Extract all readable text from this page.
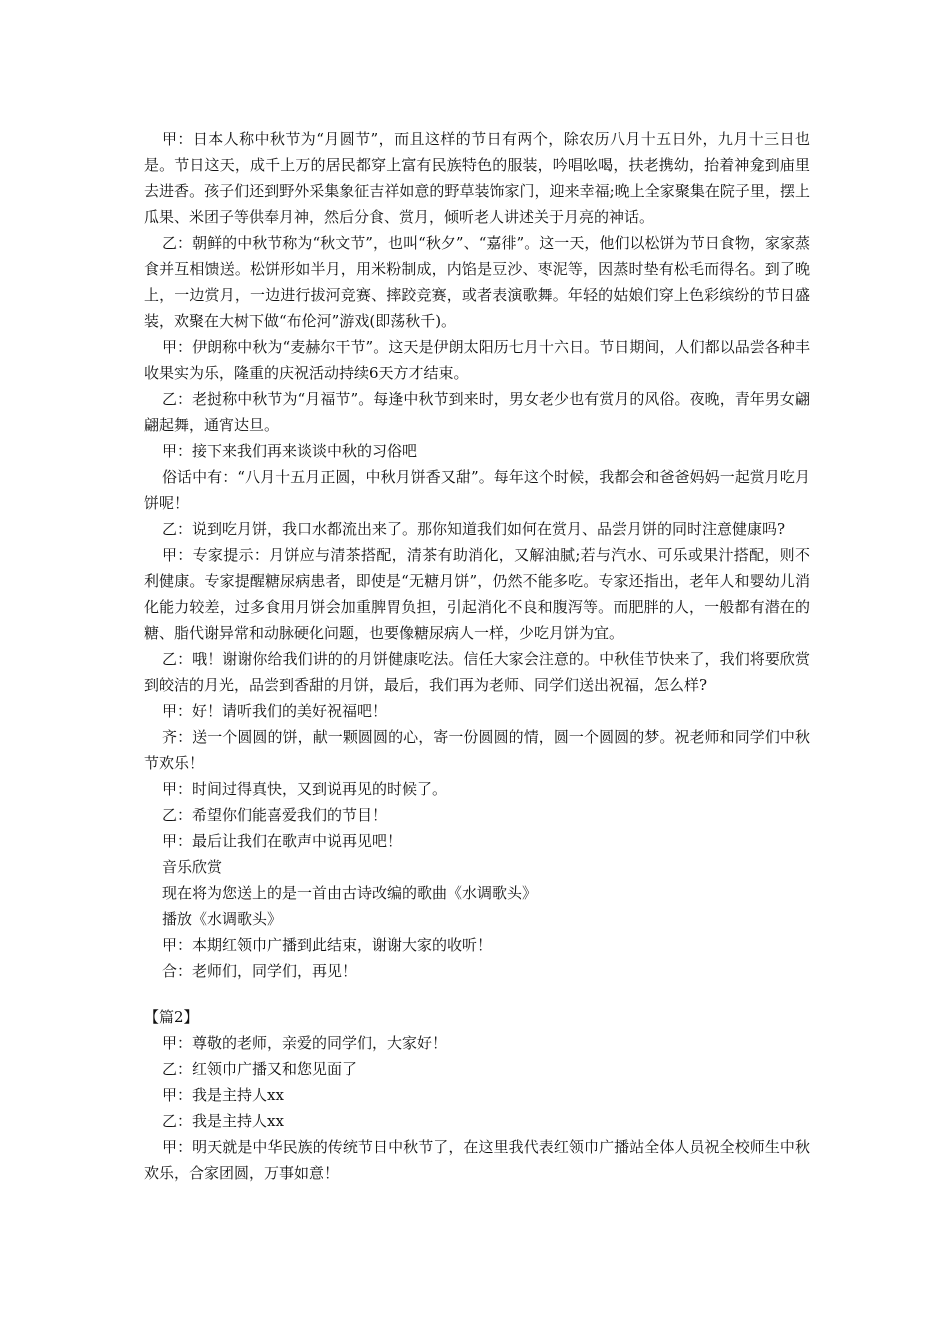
甲：日本人称中秋节为“月圆节”，而且这样的节日有两个，除农历八月十五日外，九月十三日也是。节日这天，成千上万的居民都穿上富有民族特色的服装，吟唱吆喝，扶老携幼，抬着神龛到庙里去进香。孩子们还到野外采集象征吉祥如意的野草装饰家门，迎来幸福;晚上全家聚集在院子里，摆上瓜果、米团子等供奉月神，然后分食、赏月，倾听老人讲述关于月亮的神话。

乙：朝鲜的中秋节称为“秋文节”，也叫“秋夕”、“嘉徘”。这一天，他们以松饼为节日食物，家家蒸食并互相馈送。松饼形如半月，用米粉制成，内馅是豆沙、枣泥等，因蒸时垫有松毛而得名。到了晚上，一边赏月，一边进行拔河竞赛、摔跤竞赛，或者表演歌舞。年轻的姑娘们穿上色彩缤纷的节日盛装，欢聚在大树下做“布伦河”游戏(即荡秋千)。

甲：伊朗称中秋为“麦赫尔干节”。这天是伊朗太阳历七月十六日。节日期间，人们都以品尝各种丰收果实为乐，隆重的庆祝活动持续6天方才结束。

乙：老挝称中秋节为“月福节”。每逢中秋节到来时，男女老少也有赏月的风俗。夜晚，青年男女翩翩起舞，通宵达旦。

甲：接下来我们再来谈谈中秋的习俗吧

俗话中有：“八月十五月正圆，中秋月饼香又甜”。每年这个时候，我都会和爸爸妈妈一起赏月吃月饼呢！

乙：说到吃月饼，我口水都流出来了。那你知道我们如何在赏月、品尝月饼的同时注意健康吗?

甲：专家提示：月饼应与清茶搭配，清茶有助消化，又解油腻;若与汽水、可乐或果汁搭配，则不利健康。专家提醒糖尿病患者，即使是“无糖月饼”，仍然不能多吃。专家还指出，老年人和婴幼儿消化能力较差，过多食用月饼会加重脾胃负担，引起消化不良和腹泻等。而肥胖的人，一般都有潜在的糖、脂代谢异常和动脉硬化问题，也要像糖尿病人一样，少吃月饼为宜。

乙：哦！谢谢你给我们讲的的月饼健康吃法。信任大家会注意的。中秋佳节快来了，我们将要欣赏到皎洁的月光，品尝到香甜的月饼，最后，我们再为老师、同学们送出祝福，怎么样?

甲：好！请听我们的美好祝福吧！

齐：送一个圆圆的饼，献一颗圆圆的心，寄一份圆圆的情，圆一个圆圆的梦。祝老师和同学们中秋节欢乐！

甲：时间过得真快，又到说再见的时候了。

乙：希望你们能喜爱我们的节目！

甲：最后让我们在歌声中说再见吧！

音乐欣赏

现在将为您送上的是一首由古诗改编的歌曲《水调歌头》

播放《水调歌头》

甲：本期红领巾广播到此结束，谢谢大家的收听！

合：老师们，同学们，再见！

【篇2】

甲：尊敬的老师，亲爱的同学们，大家好！

乙：红领巾广播又和您见面了

甲：我是主持人xx

乙：我是主持人xx

甲：明天就是中华民族的传统节日中秋节了，在这里我代表红领巾广播站全体人员祝全校师生中秋欢乐，合家团圆，万事如意！
